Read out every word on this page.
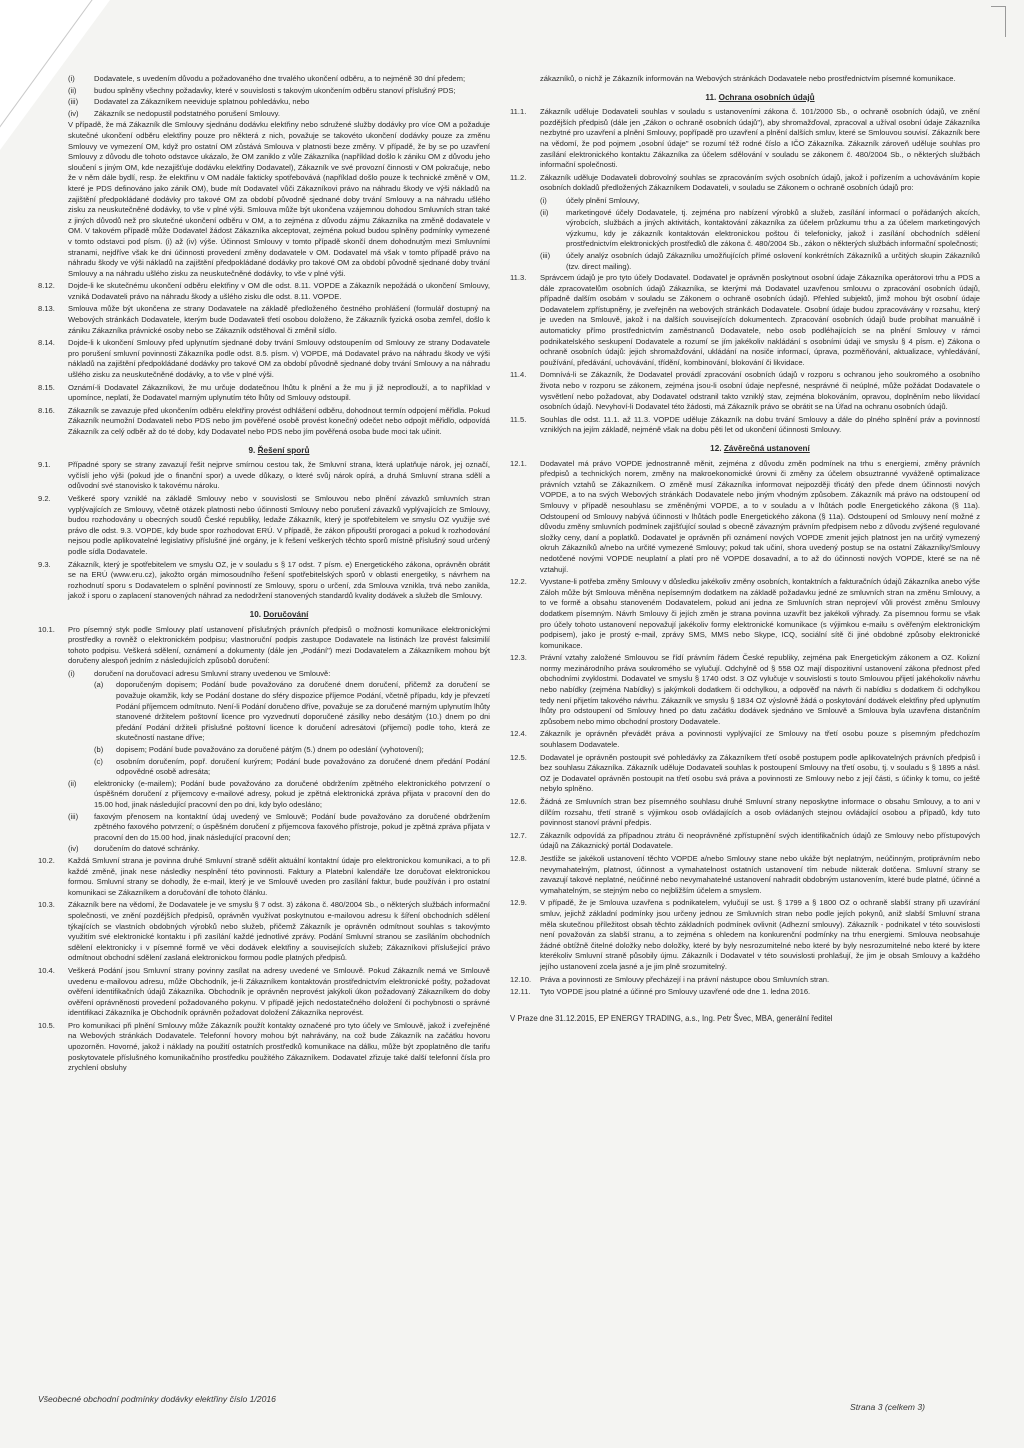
(i)	Dodavatele, s uvedením důvodu a požadovaného dne trvalého ukončení odběru, a to nejméně 30 dní předem;
(ii)	budou splněny všechny požadavky, které v souvislosti s takovým ukončením odběru stanoví příslušný PDS;
(iii)	Dodavatel za Zákazníkem neeviduje splatnou pohledávku, nebo
(iv)	Zákazník se nedopustil podstatného porušení Smlouvy.
V případě, že má Zákazník dle Smlouvy sjednánu dodávku elektřiny nebo sdružené služby dodávky pro více OM a požaduje skutečné ukončení odběru elektřiny pouze pro některá z nich, považuje se takovéto ukončení dodávky pouze za změnu Smlouvy ve vymezení OM, když pro ostatní OM zůstává Smlouva v platnosti beze změny. V případě, že by se po uzavření Smlouvy z důvodu dle tohoto odstavce ukázalo, že OM zaniklo z vůle Zákazníka (například došlo k zániku OM z důvodu jeho sloučení s jiným OM, kde nezajišťuje dodávku elektřiny Dodavatel), Zákazník ve své provozní činnosti v OM pokračuje, nebo že v něm dále bydlí, resp. že elektřinu v OM nadále fakticky spotřebovává (například došlo pouze k technické změně v OM, které je PDS definováno jako zánik OM), bude mít Dodavatel vůči Zákazníkovi právo na náhradu škody ve výši nákladů na zajištění předpokládané dodávky pro takové OM za období původně sjednané doby trvání Smlouvy a na náhradu ušlého zisku za neuskutečněné dodávky, to vše v plné výši. Smlouva může být ukončena vzájemnou dohodou Smluvních stran také z jiných důvodů než pro skutečné ukončení odběru v OM, a to zejména z důvodu zájmu Zákazníka na změně dodavatele v OM. V takovém případě může Dodavatel žádost Zákazníka akceptovat, zejména pokud budou splněny podmínky vymezené v tomto odstavci pod písm. (i) až (iv) výše. Účinnost Smlouvy v tomto případě skončí dnem dohodnutým mezi Smluvními stranami, nejdříve však ke dni účinnosti provedení změny dodavatele v OM. Dodavatel má však v tomto případě právo na náhradu škody ve výši nákladů na zajištění předpokládané dodávky pro takové OM za období původně sjednané doby trvání Smlouvy a na náhradu ušlého zisku za neuskutečněné dodávky, to vše v plné výši.
8.12.	Dojde-li ke skutečnému ukončení odběru elektřiny v OM dle odst. 8.11. VOPDE a Zákazník nepožádá o ukončení Smlouvy, vzniká Dodavateli právo na náhradu škody a ušlého zisku dle odst. 8.11. VOPDE.
8.13.	Smlouva může být ukončena ze strany Dodavatele na základě předloženého čestného prohlášení (formulář dostupný na Webových stránkách Dodavatele, kterým bude Dodavateli třetí osobou doloženo, že Zákazník fyzická osoba zemřel, došlo k zániku Zákazníka právnické osoby nebo se Zákazník odstěhoval či změnil sídlo.
8.14.	Dojde-li k ukončení Smlouvy před uplynutím sjednané doby trvání Smlouvy odstoupením od Smlouvy ze strany Dodavatele pro porušení smluvní povinnosti Zákazníka podle odst. 8.5. písm. v) VOPDE, má Dodavatel právo na náhradu škody ve výši nákladů na zajištění předpokládané dodávky pro takové OM za období původně sjednané doby trvání Smlouvy a na náhradu ušlého zisku za neuskutečněné dodávky, a to vše v plné výši.
8.15.	Oznámí-li Dodavatel Zákazníkovi, že mu určuje dodatečnou lhůtu k plnění a že mu ji již neprodlouží, a to například v upomínce, neplatí, že Dodavatel marným uplynutím této lhůty od Smlouvy odstoupil.
8.16.	Zákazník se zavazuje před ukončením odběru elektřiny provést odhlášení odběru, dohodnout termín odpojení měřidla. Pokud Zákazník neumožní Dodavateli nebo PDS nebo jim pověřené osobě provést konečný odečet nebo odpojit měřidlo, odpovídá Zákazník za celý odběr až do té doby, kdy Dodavatel nebo PDS nebo jím pověřená osoba bude moci tak učinit.
9. Řešení sporů
9.1.	Případné spory se strany zavazují řešit nejprve smírnou cestou tak, že Smluvní strana, která uplatňuje nárok, jej označí, vyčíslí jeho výši (pokud jde o finanční spor) a uvede důkazy, o které svůj nárok opírá, a druhá Smluvní strana sdělí a odůvodní své stanovisko k takovému nároku.
9.2.	Veškeré spory vzniklé na základě Smlouvy nebo v souvislosti se Smlouvou nebo plnění závazků smluvních stran vyplývajících ze Smlouvy, včetně otázek platnosti nebo účinnosti Smlouvy nebo porušení závazků vyplývajících ze Smlouvy, budou rozhodovány u obecných soudů České republiky, ledaže Zákazník, který je spotřebitelem ve smyslu OZ využije své právo dle odst. 9.3. VOPDE, kdy bude spor rozhodovat ERÚ. V případě, že zákon připouští prorogaci a pokud k rozhodování nejsou podle aplikovatelné legislativy příslušné jiné orgány, je k řešení veškerých těchto sporů místně příslušný soud určený podle sídla Dodavatele.
9.3.	Zákazník, který je spotřebitelem ve smyslu OZ, je v souladu s § 17 odst. 7 písm. e) Energetického zákona, oprávněn obrátit se na ERÚ (www.eru.cz), jakožto orgán mimosoudního řešení spotřebitelských sporů v oblasti energetiky, s návrhem na rozhodnutí sporu s Dodavatelem o splnění povinností ze Smlouvy, sporu o určení, zda Smlouva vznikla, trvá nebo zanikla, jakož i sporu o zaplacení stanovených náhrad za nedodržení stanovených standardů kvality dodávek a služeb dle Smlouvy.
10. Doručování
10.1.	Pro písemný styk podle Smlouvy platí ustanovení příslušných právních předpisů o možnosti komunikace elektronickými prostředky a rovněž o elektronickém podpisu; vlastnoruční podpis zastupce Dodavatele na listinách lze provést faksimilií tohoto podpisu. Veškerá sdělení, oznámení a dokumenty (dále jen „Podání") mezi Dodavatelem a Zákazníkem mohou být doručeny alespoň jedním z následujících způsobů doručení:
(i)	doručení na doručovací adresu Smluvní strany uvedenou ve Smlouvě:
(a)	doporučeným dopisem; Podání bude považováno za doručené dnem doručení, přičemž za doručení se považuje okamžik, kdy se Podání dostane do sféry dispozice příjemce Podání, včetně případu, kdy je převzetí Podání příjemcem odmítnuto. Není-li Podání doručeno dříve, považuje se za doručené marným uplynutím lhůty stanovené držitelem poštovní licence pro vyzvednutí doporučené zásilky nebo desátým (10.) dnem po dni předání Podání držiteli příslušné poštovní licence k doručení adresátovi (přijemci) podle toho, která ze skutečností nastane dříve;
(b)	dopisem; Podání bude považováno za doručené pátým (5.) dnem po odeslání (vyhotovení);
(c)	osobním doručením, popř. doručení kurýrem; Podání bude považováno za doručené dnem předání Podání odpovědné osobě adresáta;
(ii)	elektronicky (e-mailem); Podání bude považováno za doručené obdržením zpětného elektronického potvrzení o úspěšném doručení z přijemcovy e-mailové adresy, pokud je zpětná elektronická zpráva přijata v pracovní den do 15.00 hod, jinak následující pracovní den po dni, kdy bylo odesláno;
(iii)	faxovým přenosem na kontaktní údaj uvedený ve Smlouvě; Podání bude považováno za doručené obdržením zpětného faxového potvrzení; o úspěšném doručení z přijemcova faxového přístroje, pokud je zpětná zpráva přijata v pracovní den do 15.00 hod, jinak následující pracovní den;
(iv)	doručením do datové schránky.
10.2.	Každá Smluvní strana je povinna druhé Smluvní straně sdělit aktuální kontaktní údaje pro elektronickou komunikaci, a to při každé změně, jinak nese následky nesplnění této povinnosti. Faktury a Platební kalendáře lze doručovat elektronickou formou. Smluvní strany se dohodly, že e-mail, který je ve Smlouvě uveden pro zasílání faktur, bude používán i pro ostatní komunikaci se Zákazníkem a doručování dle tohoto článku.
10.3.	Zákazník bere na vědomí, že Dodavatele je ve smyslu § 7 odst. 3) zákona č. 480/2004 Sb., o některých službách informační společnosti, ve znění pozdějších předpisů, oprávněn využívat poskytnutou e-mailovou adresu k šíření obchodních sdělení týkajících se vlastních obdobných výrobků nebo služeb, přičemž Zákazník je oprávněn odmítnout souhlas s takovýmto využitím své elektronické kontaktu i při zasílání každé jednotlivé zprávy. Podání Smluvní stranou se zasíláním obchodních sdělení elektronicky i v písemné formě ve věci dodávek elektřiny a souvisejících služeb; Zákazníkovi příslušející právo odmítnout obchodní sdělení zaslaná elektronickou formou podle platných předpisů.
10.4.	Veškerá Podání jsou Smluvní strany povinny zasílat na adresy uvedené ve Smlouvě. Pokud Zákazník nemá ve Smlouvě uvedenu e-mailovou adresu, může Obchodník, je-li Zákazníkem kontaktován prostřednictvím elektronické pošty, požadovat ověření identifikačních údajů Zákazníka. Obchodník je oprávněn neprovést jakýkoli úkon požadovaný Zákazníkem do doby ověření oprávněnosti provedení požadovaného pokynu. V případě jejich nedostatečného doložení či pochybnosti o správné identifikaci Zákazníka je Obchodník oprávněn požadovat doložení Zákazníka neprovést.
10.5.	Pro komunikaci při plnění Smlouvy může Zákazník použít kontakty označené pro tyto účely ve Smlouvě, jakož i zveřejněné na Webových stránkách Dodavatele. Telefonní hovory mohou být nahrávány, na což bude Zákazník na začátku hovoru upozorněn. Hovorné, jakož i náklady na použití ostatních prostředků komunikace na dálku, může být zpoplatněno dle tarifu poskytovatele příslušného komunikačního prostředku použitého Zákazníkem. Dodavatel zřizuje také další telefonní čísla pro zrychlení obsluhy
zákazníků, o nichž je Zákazník informován na Webových stránkách Dodavatele nebo prostřednictvím písemné komunikace.
11. Ochrana osobních údajů
11.1.	Zákazník uděluje Dodavateli souhlas v souladu s ustanoveními zákona č. 101/2000 Sb., o ochraně osobních údajů, ve znění pozdějších předpisů (dále jen „Zákon o ochraně osobních údajů"), aby shromažďoval, zpracoval a užíval osobní údaje Zákazníka nezbytné pro uzavření a plnění Smlouvy, popřípadě pro uzavření a plnění dalších smluv, které se Smlouvou souvisí. Zákazník bere na vědomí, že pod pojmem „osobní údaje" se rozumí též rodné číslo a IČO Zákazníka. Zákazník zároveň uděluje souhlas pro zasílání elektronického kontaktu Zákazníka za účelem sdělování v souladu se zákonem č. 480/2004 Sb., o některých službách informační společnosti.
11.2.	Zákazník uděluje Dodavateli dobrovolný souhlas se zpracováním svých osobních údajů, jakož i pořízením a uchováváním kopie osobních dokladů předložených Zákazníkem Dodavateli, v souladu se Zákonem o ochraně osobních údajů pro:
(i)	účely plnění Smlouvy,
(ii)	marketingové účely Dodavatele, tj. zejména pro nabízení výrobků a služeb, zasílání informací o pořádaných akcích, výrobcích, službách a jiných aktivitách, kontaktování zákazníka za účelem průzkumu trhu a za účelem marketingových výzkumu, kdy je zákazník kontaktován elektronickou poštou či telefonicky, jakož i zasílání obchodních sdělení prostřednictvím elektronických prostředků dle zákona č. 480/2004 Sb., zákon o některých službách informační společnosti;
(iii)	účely analýz osobních údajů Zákazníku umožňujících přímé oslovení konkrétních Zákazníků a určitých skupin Zákazníků (tzv. direct mailing).
11.3.	Správcem údajů je pro tyto účely Dodavatel. Dodavatel je oprávněn poskytnout osobní údaje Zákazníka operátorovi trhu a PDS a dále zpracovatelům osobních údajů Zákazníka, se kterými má Dodavatel uzavřenou smlouvu o zpracování osobních údajů, případně dalším osobám v souladu se Zákonem o ochraně osobních údajů. Přehled subjektů, jimž mohou být osobní údaje Dodavatelem zpřístupněny, je zveřejněn na webových stránkách Dodavatele. Osobní údaje budou zpracovávány v rozsahu, který je uveden na Smlouvě, jakož i na dalších souvisejících dokumentech. Zpracování osobních údajů bude probíhat manuálně i automaticky přímo prostřednictvím zaměstnanců Dodavatele, nebo osob podléhajících se na plnění Smlouvy v rámci podnikatelského seskupení Dodavatele a rozumí se jím jakékoliv nakládání s osobními údaji ve smyslu § 4 písm. e) Zákona o ochraně osobních údajů: jejich shromažďování, ukládání na nosiče informací, úprava, pozměňování, aktualizace, vyhledávání, používání, předávání, uchovávání, třídění, kombinování, blokování či likvidace.
11.4.	Domnívá-li se Zákazník, že Dodavatel provádí zpracování osobních údajů v rozporu s ochranou jeho soukromého a osobního života nebo v rozporu se zákonem, zejména jsou-li osobní údaje nepřesné, nesprávné či neúplné, může požádat Dodavatele o vysvětlení nebo požadovat, aby Dodavatel odstranil takto vzniklý stav, zejména blokováním, opravou, doplněním nebo likvidací osobních údajů. Nevyhoví-li Dodavatel této žádosti, má Zákazník právo se obrátit se na Úřad na ochranu osobních údajů.
11.5.	Souhlas dle odst. 11.1. až 11.3. VOPDE uděluje Zákazník na dobu trvání Smlouvy a dále do plného splnění práv a povinností vzniklých na jejím základě, nejméně však na dobu pěti let od ukončení účinnosti Smlouvy.
12. Závěrečná ustanovení
12.1.	Dodavatel má právo VOPDE jednostranně měnit, zejména z důvodu změn podmínek na trhu s energiemi, změny právních předpisů a technických norem, změny na makroekonomické úrovni či změny za účelem obsuztranné vyváženě optimalizace právních vztahů se Zákazníkem. O změně musí Zákazníka informovat nejpozději třicátý den přede dnem účinnosti nových VOPDE, a to na svých Webových stránkách Dodavatele nebo jiným vhodným způsobem. Zákazník má právo na odstoupení od Smlouvy v případě nesouhlasu se změněnými VOPDE, a to v souladu a v lhůtách podle Energetického zákona (§ 11a). Odstoupení od Smlouvy nabývá účinnosti v lhůtách podle Energetického zákona (§ 11a). Odstoupení od Smlouvy není možné z důvodu změny smluvních podmínek zajišťující soulad s obecně závazným právním předpisem nebo z důvodu zvýšené regulované složky ceny, daní a poplatků. Dodavatel je oprávněn při oznámení nových VOPDE zmenit jejich platnost jen na určitý vymezený okruh Zákazníků a/nebo na určité vymezené Smlouvy; pokud tak učiní, shora uvedený postup se na ostatní Zákazníky/Smlouvy nedotčené novými VOPDE neuplatní a platí pro ně VOPDE dosavadní, a to až do účinnosti nových VOPDE, které se na ně vztahují.
12.2.	Vyvstane-li potřeba změny Smlouvy v důsledku jakékoliv změny osobních, kontaktních a fakturačních údajů Zákazníka anebo výše Záloh může být Smlouva měněna nepísemným dodatkem na základě požadavku jedné ze smluvních stran na změnu Smlouvy, a to ve formě a obsahu stanoveném Dodavatelem, pokud ani jedna ze Smluvních stran neprojeví vůli provést změnu Smlouvy dodatkem písemným. Návrh Smlouvy či jejích změn je strana povinna uzavřít bez jakékoli výhrady. Za písemnou formu se však pro účely tohoto ustanovení nepovažují jakékoliv formy elektronické komunikace (s výjimkou e-mailu s ověřeným elektronickým podpisem), jako je prostý e-mail, zprávy SMS, MMS nebo Skype, ICQ, sociální sítě či jiné obdobné způsoby elektronické komunikace.
12.3.	Právní vztahy založené Smlouvou se řídí právním řádem České republiky, zejména pak Energetickým zákonem a OZ. Kolizní normy mezinárodního práva soukromého se vylučují. Odchylně od § 558 OZ mají dispozitivní ustanovení zákona přednost před obchodními zvyklostmi. Dodavatel ve smyslu § 1740 odst. 3 OZ vylučuje v souvislosti s touto Smlouvou přijetí jakéhokoliv návrhu nebo nabídky (zejména Nabídky) s jakýmkoli dodatkem či odchylkou, a odpověď na návrh či nabídku s dodatkem či odchylkou tedy není přijetím takového návrhu. Zákazník ve smyslu § 1834 OZ výslovně žádá o poskytování dodávek elektřiny před uplynutím lhůty pro odstoupení od Smlouvy hned po datu začátku dodávek sjednáno ve Smlouvě a Smlouva byla uzavřena distančním způsobem nebo mimo obchodní prostory Dodavatele.
12.4.	Zákazník je oprávněn převádět práva a povinnosti vyplývající ze Smlouvy na třetí osobu pouze s písemným předchozím souhlasem Dodavatele.
12.5.	Dodavatel je oprávněn postoupit své pohledávky za Zákazníkem třetí osobě postupem podle aplikovatelných právních předpisů i bez souhlasu Zákazníka. Zákazník uděluje Dodavateli souhlas k postoupení Smlouvy na třetí osobu, tj. v souladu s § 1895 a násl. OZ je Dodavatel oprávněn postoupit na třetí osobu svá práva a povinnosti ze Smlouvy nebo z její části, s účinky k tomu, co ještě nebylo splněno.
12.6.	Žádná ze Smluvních stran bez písemného souhlasu druhé Smluvní strany neposkytne informace o obsahu Smlouvy, a to ani v dílčím rozsahu, třetí straně s výjimkou osob ovládajících a osob ovládaných stejnou ovládající osobou a případů, kdy tuto povinnost stanoví právní předpis.
12.7.	Zákazník odpovídá za případnou ztrátu či neoprávněné zpřístupnění svých identifikačních údajů ze Smlouvy nebo přístupových údajů na Zákaznický portál Dodavatele.
12.8.	Jestliže se jakékoli ustanovení těchto VOPDE a/nebo Smlouvy stane nebo ukáže být neplatným, neúčinným, protiprávním nebo nevymahatelným, platnost, účinnost a vymahatelnost ostatních ustanovení tím nebude nikterak dotčena. Smluvní strany se zavazují takové neplatné, neúčinné nebo nevymahatelné ustanovení nahradit obdobným ustanovením, které bude platné, účinné a vymahatelným, se stejným nebo co nejbližším účelem a smyslem.
12.9.	V případě, že je Smlouva uzavřena s podnikatelem, vylučují se ust. § 1799 a § 1800 OZ o ochraně slabší strany při uzavírání smluv, jejichž základní podmínky jsou určeny jednou ze Smluvních stran nebo podle jejích pokynů, aniž slabší Smluvní strana měla skutečnou příležitost obsah těchto základních podmínek ovlivnit (Adhezní smlouvy). Zákazník - podnikatel v této souvislosti není považován za slabší stranu, a to zejména s ohledem na konkurenční podmínky na trhu energiemi. Smlouva neobsahuje žádné obtížně čitelné doložky nebo doložky, které by byly nesrozumitelné nebo které by byly nesrozumitelné nebo které by ktere kterékoliv Smluvní straně působily újmu. Zákazník i Dodavatel v této souvislosti prohlašují, že jim je obsah Smlouvy a každého jejího ustanovení zcela jasné a je jim plně srozumitelný.
12.10.	Práva a povinnosti ze Smlouvy přecházejí i na právní nástupce obou Smluvních stran.
12.11.	Tyto VOPDE jsou platné a účinné pro Smlouvy uzavřené ode dne 1. ledna 2016.
V Praze dne 31.12.2015, EP ENERGY TRADING, a.s., Ing. Petr Švec, MBA, generální ředitel
Všeobecné obchodní podmínky dodávky elektřiny číslo 1/2016
Strana 3 (celkem 3)
